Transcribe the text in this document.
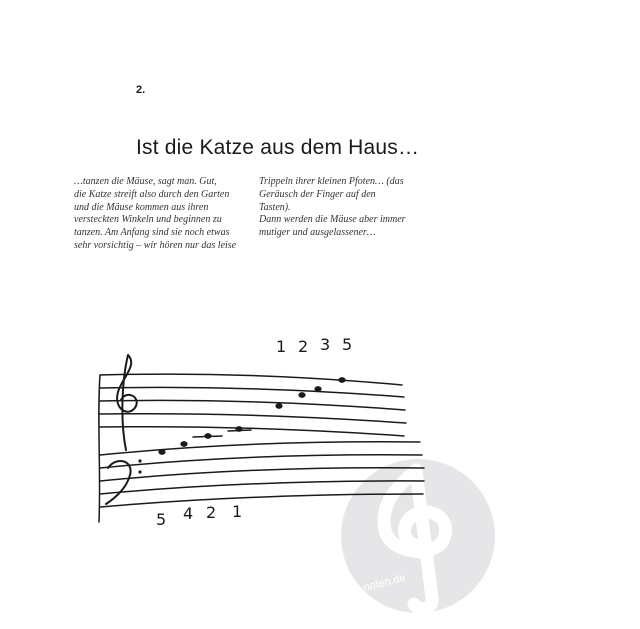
2.
Ist die Katze aus dem Haus…

…tanzen die Mäuse, sagt man. Gut,

die Katze streift also durch den Garten

und die Mäuse kommen aus ihren

versteckten Winkeln und beginnen zu

tanzen. Am Anfang sind sie noch etwas

sehr vorsichtig – wir hören nur das leise

Trippeln ihrer kleinen Pfoten… (das

Geräusch der Finger auf den Tasten).

Dann werden die Mäuse aber immer

mutiger und ausgelassener…

alle-noten.de
1 2 3 5
5 4 2 1
